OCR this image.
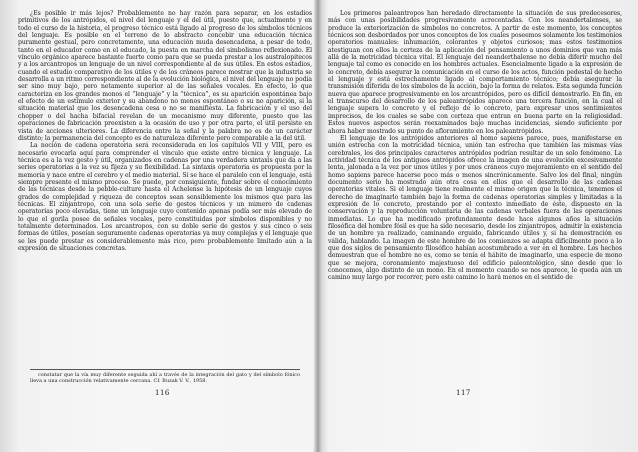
¿Es posible ir más lejos? Probablemente no hay razón para separar, en los estadios primitivos de los antrópidos, el nivel del lenguaje y el del útil, puesto que, actualmente y en todo el curso de la historia, el progreso técnico está ligado al progreso de los símbolos técnicos del lenguaje. Es posible en el terreno de lo abstracto concebir una educación técnica puramente gestual, pero concretamente, una educación muda desencadena, a pesar de todo, tanto en el educador como en el educado, la puesta en marcha del simbolismo reflexionado. El vínculo orgánico aparece bastante fuerte como para que se pueda prestar a los australopitecos y a los arcantropos un lenguaje de un nivel correspondiente al de sus útiles. En estos estadios, cuando el estudio comparativo de los útiles y de los cráneos parece mostrar que la industria se desarrolla a un ritmo correspondiente al de la evolución biológica, el nivel del lenguaje no podía ser sino muy bajo, pero netamente superior al de las señales vocales. En efecto, lo que caracteriza en los grandes monos el “lenguaje” y la “técnica”, es su aparición espontánea bajo el efecto de un estímulo exterior y su abandono no menos espontáneo o su no aparición, si la situación material que los desencadena cesa o no se manifiesta. La fabricación y el uso del chopper o del hacha bifacial revelan de un mecanismo muy diferente, puesto que las operaciones de fabricación preexisten a la ocasión de uso y por otra parte, el útil persiste en vista de acciones ulteriores. La diferencia entre la señal y la palabra no es de un carácter distinto; la permanencia del concepto es de naturaleza diferente pero comparable a la del útil.

La noción de cadena operatoria será reconsiderada en los capítulos VII y VIII, pero es necesario evocarla aquí para comprender el vínculo que existe entre técnica y lenguaje. La técnica es a la vez gesto y útil, organizados en cadenas por una verdadera sintaxis que da a las series operatorias a la vez su fijeza y su flexibilidad. La sintaxis operatoria es propuesta por la memoria y nace entre el cerebro y el medio material. Si se hace el paralelo con el lenguaje, está siempre presente el mismo proceso. Se puede, por consiguiente, fundar sobre el conocimiento de las técnicas desde la pebble-culture hasta el Achelense la hipótesis de un lenguaje cuyos grados de complejidad y riqueza de conceptos sean sensiblemente los mismos que para las técnicas. El zinjantropo, con una sola serie de gestos técnicos y un número de cadenas operatorias poco elevadas, tiene un lenguaje cuyo contenido apenas podía ser más elevado de lo que el gorila posee de señales vocales, pero constituidas por símbolos disponibles y no totalmente determinados. Los arcantropos, con su doble serie de gestos y sus cinco o seis formas de útiles, poseían seguramente cadenas operatorias ya muy complejas y el lenguaje que se les puede prestar es considerablemente más rico, pero probablemente limitado aún a la expresión de situaciones concretas.

constatar que la vía muy diferente seguida ahí a través de la integración del gato y del símbolo fónico lleva a una construcción relativamente cercana. Cf. Buzak V. V., 1958.

116

Los primeros paleantropos han heredado directamente la situación de sus predecesores, más con unas posibilidades progresivamente acrecentadas. Con los neandertalenses, se produce la exteriorización de símbolos no concretos. A partir de este momento, los conceptos técnicos son desbordados por unos conceptos de los cuales poseemos solamente los testimonios operatorios manuales: inhumación, colorantes y objetos curiosos; mas estos testimonios atestiguan con ellos la certeza de la aplicación del pensamiento a unos dominios que van más allá de la motricidad técnica vital. El lenguaje del neanderthalense no debía diferir mucho del lenguaje tal como es conocido en los hombres actuales. Esencialmente ligado a la expresión de lo concreto, debía asegurar la comunicación en el curso de los actos, función pedestal de hecho el lenguaje y está estrechamente ligado al comportamiento técnico; debía asegurar la transmisión diferida de los símbolos de la acción, bajo la forma de relatos. Esta segunda función nueva que aparece progresivamente en los arcantrópidos, pero es difícil demostrarlo. En fin, en el transcurso del desarrollo de los paleantrópidos aparece una tercera función, en la cual el lenguaje supera lo concreto y el reflejo de lo concreto, para expresar unos sentimientos imprecisos, de los cuales se sabe con certeza que entran en buena parte en la religiosidad. Estos nuevos aspectos serán reexaminados bajo muchas incidencias, siendo suficiente por ahora haber mostrado su punto de afloramiento en los paleantrópidos.

El lenguaje de los antrópidos anteriores al homo sapiens parece, pues, manifestarse en unión estrecha con la motricidad técnica, unión tan estrecha que también las mismas vías cerebrales, los dos principales caracteres antrópidos podrían resultar de un solo fenómeno. La actividad técnica de los antiguos antrópidos ofrece la imagen de una evolución excesivamente lenta, jalonada a la vez por unos útiles y por unos cráneos cuyo mejoramiento en el sentido del homo sapiens parece hacerse poco más o menos sincrónicamente. Salvo los del final, ningún documento serio ha mostrado aún otra cosa en ellos que el desarrollo de las cadenas operatorias vitales. Si el lenguaje tiene realmente el mismo origen que la técnica, tenemos el derecho de imaginarlo también bajo la forma de cadenas operatorias simples y limitadas a la expresión de lo concreto, prestando por el contexto inmediato de éste, dispuesto en la conservación y la reproducción voluntaria de las cadenas verbales fuera de las operaciones inmediatas. Lo que ha modificado profundamente desde hace algunos años la situación filosófica del hombre fósil es que ha sido necesario, desde los zinjantropos, admitir la existencia de un hombre ya realizado, caminando erguido, fabricando útiles y, si ha demostración es válida, hablando. La imagen de este hombre de los comienzos se adapta difícilmente poco a lo que dos siglos de pensamiento filosófico habían acostumbrado a ver en el hombre. Los hechos demuestran que el hombre no es, como se tenía el hábito de imaginarlo, una especie de mono que se mejora, coronamiento majestuoso del edificio paleontológico, sino desde que lo conocemos, algo distinto de un mono. En el momento cuando se nos aparece, le queda aún un camino muy largo por recorrer, pero este camino lo hará menos en el sentido de

117
